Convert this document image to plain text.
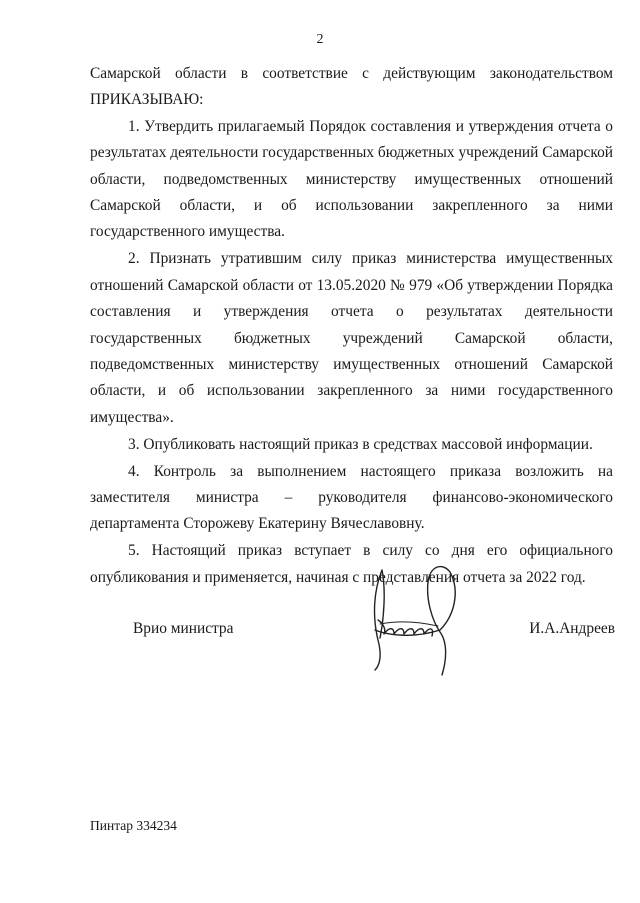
2

Самарской области в соответствие с действующим законодательством

ПРИКАЗЫВАЮ:

1. Утвердить прилагаемый Порядок составления и утверждения отчета о результатах деятельности государственных бюджетных учреждений Самарской области, подведомственных министерству имущественных отношений Самарской области, и об использовании закрепленного за ними государственного имущества.

2. Признать утратившим силу приказ министерства имущественных отношений Самарской области от 13.05.2020 № 979 «Об утверждении Порядка составления и утверждения отчета о результатах деятельности государственных бюджетных учреждений Самарской области, подведомственных министерству имущественных отношений Самарской области, и об использовании закрепленного за ними государственного имущества».

3. Опубликовать настоящий приказ в средствах массовой информации.

4. Контроль за выполнением настоящего приказа возложить на заместителя министра – руководителя финансово-экономического департамента Сторожеву Екатерину Вячеславовну.

5. Настоящий приказ вступает в силу со дня его официального опубликования и применяется, начиная с представления отчета за 2022 год.

Врио министра	И.А.Андреев
Пинтар 334234
